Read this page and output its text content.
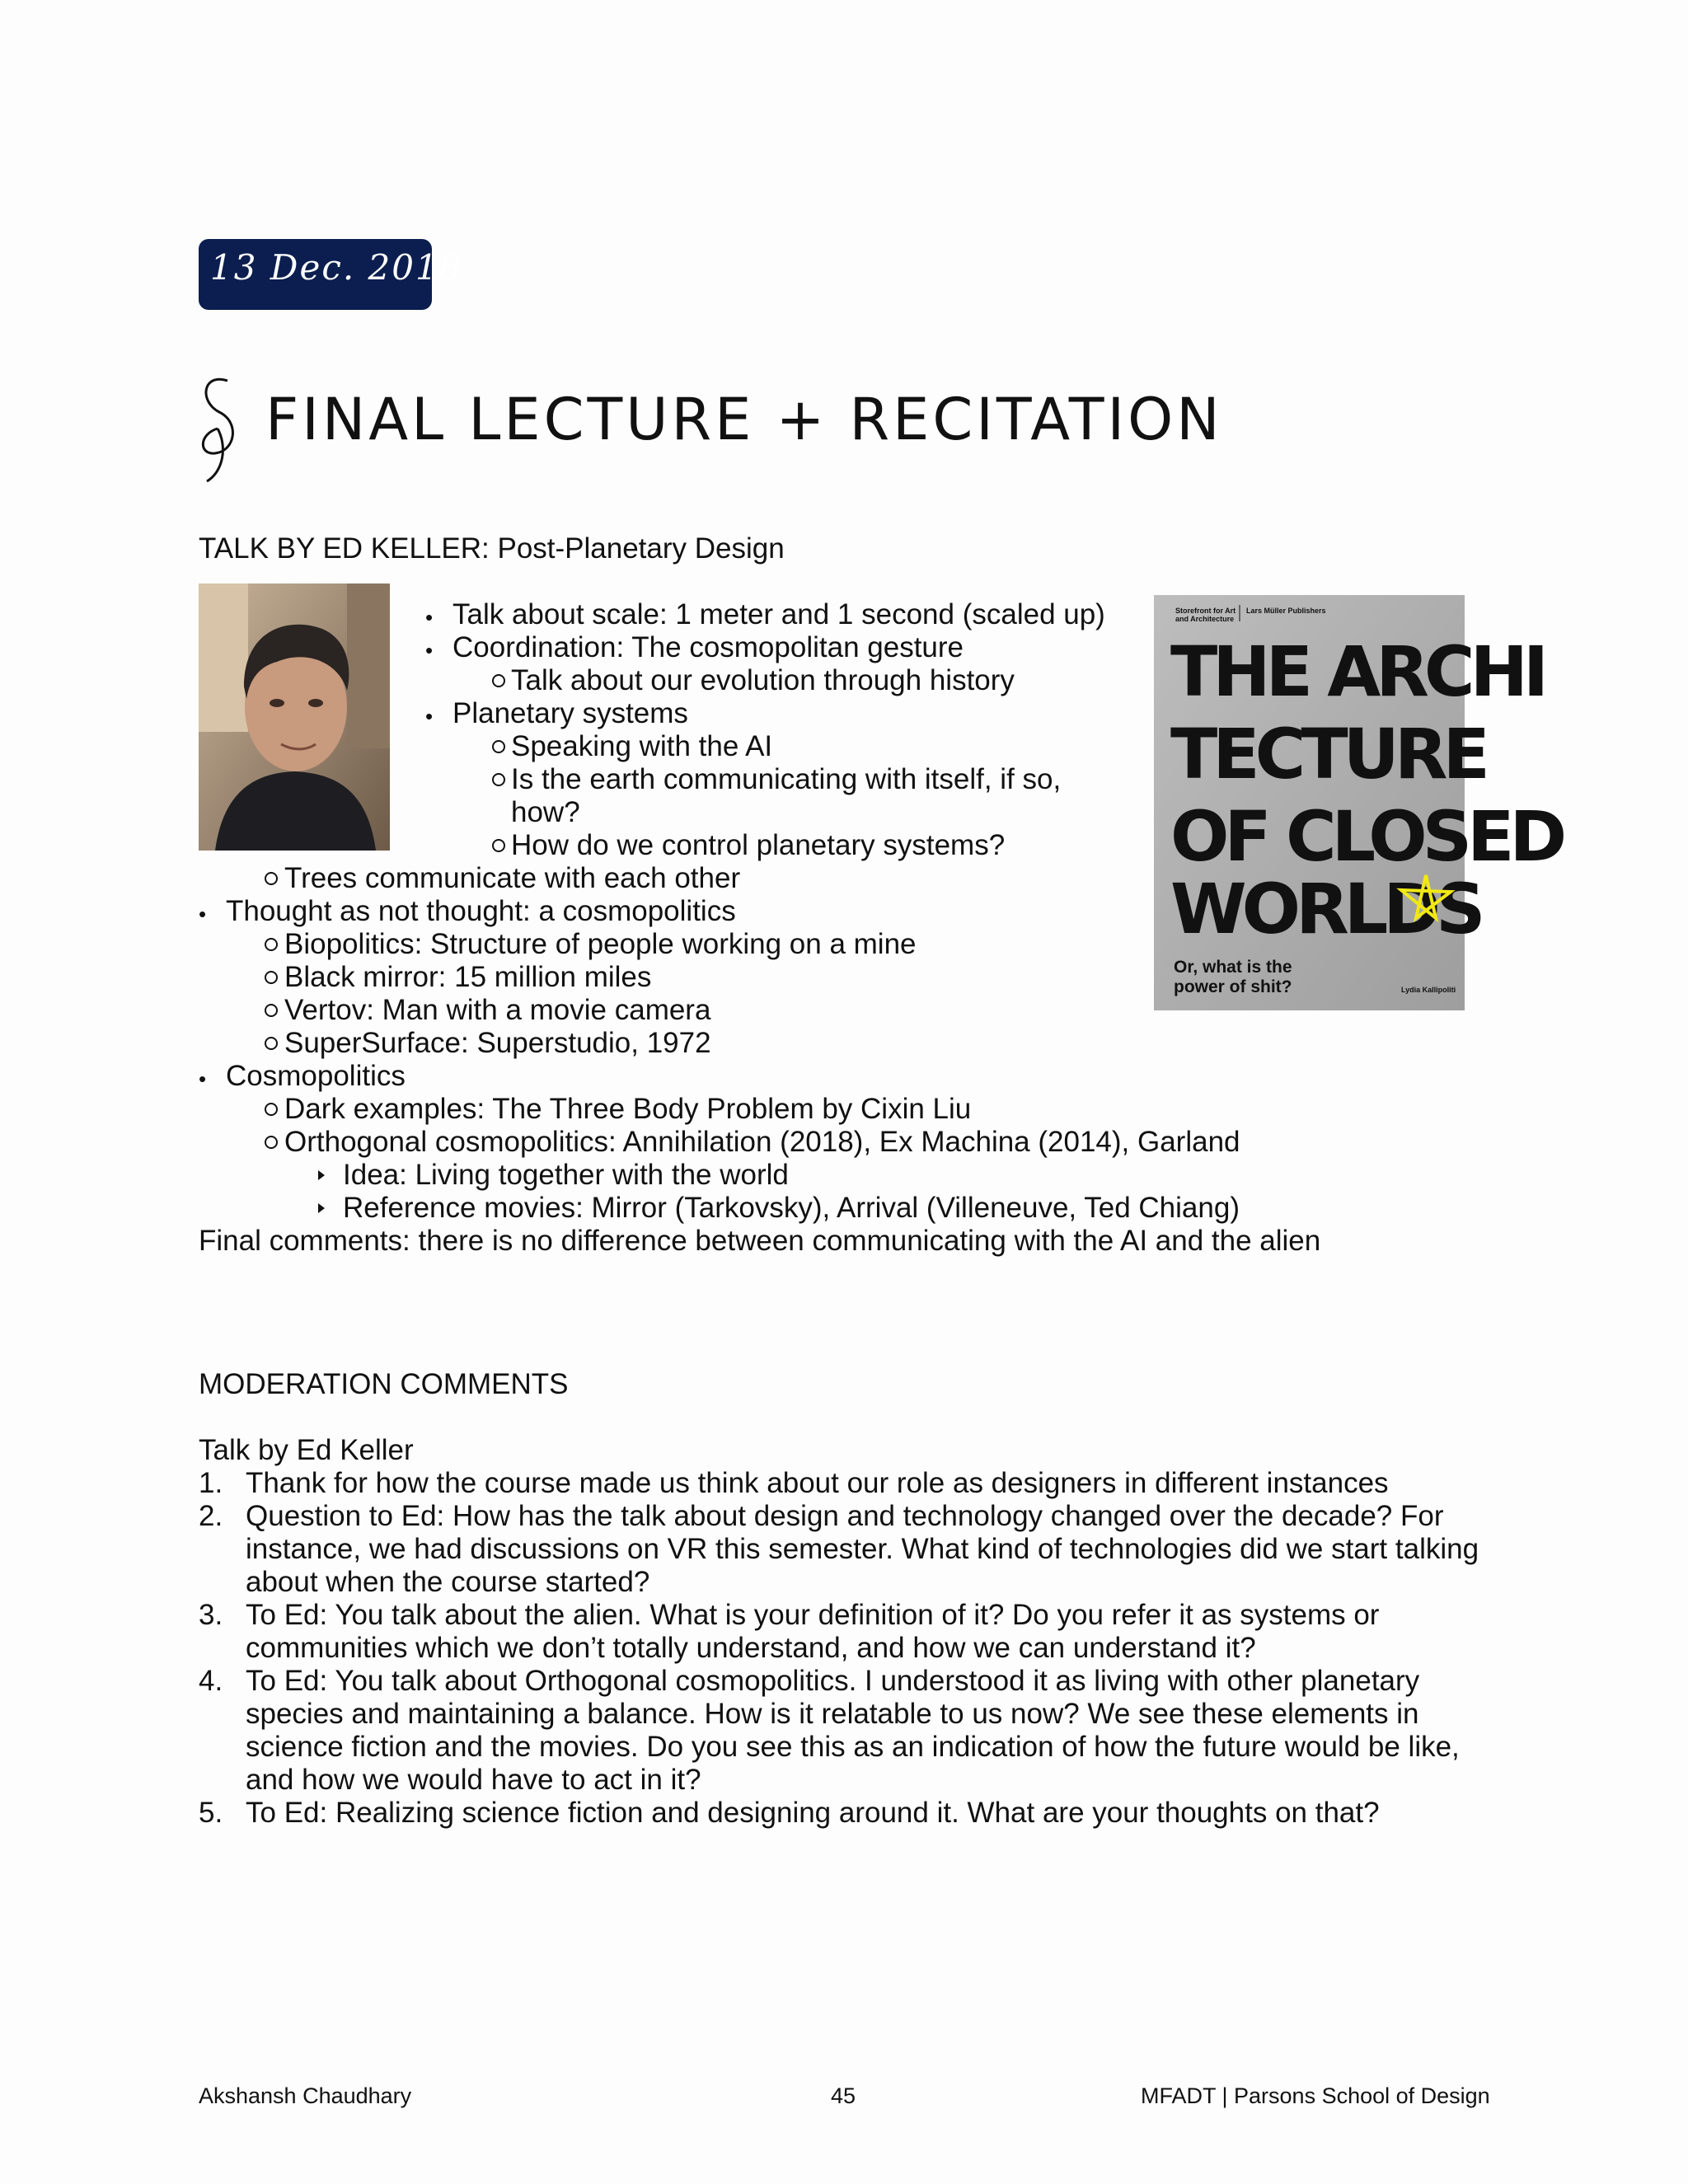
13 Dec. 2018
FINAL LECTURE + RECITATION
TALK BY ED KELLER: Post-Planetary Design
Storefront for Art
and Architecture
Lars Müller Publishers
THE ARCHI
TECTURE
OF CLOSED
WORLDS
Or, what is the
power of shit?	Lydia Kallipoliti
• Talk about scale: 1 meter and 1 second (scaled up)
• Coordination: The cosmopolitan gesture
Talk about our evolution through history
• Planetary systems
Speaking with the AI
Is the earth communicating with itself, if so,
how?
How do we control planetary systems?
Trees communicate with each other
• Thought as not thought: a cosmopolitics
Biopolitics: Structure of people working on a mine
Black mirror: 15 million miles
Vertov: Man with a movie camera
SuperSurface: Superstudio, 1972
• Cosmopolitics
Dark examples: The Three Body Problem by Cixin Liu
Orthogonal cosmopolitics: Annihilation (2018), Ex Machina (2014), Garland
Idea: Living together with the world
Reference movies: Mirror (Tarkovsky), Arrival (Villeneuve, Ted Chiang)
Final comments: there is no difference between communicating with the AI and the alien
MODERATION COMMENTS
Talk by Ed Keller
1. Thank for how the course made us think about our role as designers in different instances
2. Question to Ed: How has the talk about design and technology changed over the decade? For
instance, we had discussions on VR this semester. What kind of technologies did we start talking
about when the course started?
3. To Ed: You talk about the alien. What is your definition of it? Do you refer it as systems or
communities which we don’t totally understand, and how we can understand it?
4. To Ed: You talk about Orthogonal cosmopolitics. I understood it as living with other planetary
species and maintaining a balance. How is it relatable to us now? We see these elements in
science fiction and the movies. Do you see this as an indication of how the future would be like,
and how we would have to act in it?
5. To Ed: Realizing science fiction and designing around it. What are your thoughts on that?
Akshansh Chaudhary	45	MFADT | Parsons School of Design
